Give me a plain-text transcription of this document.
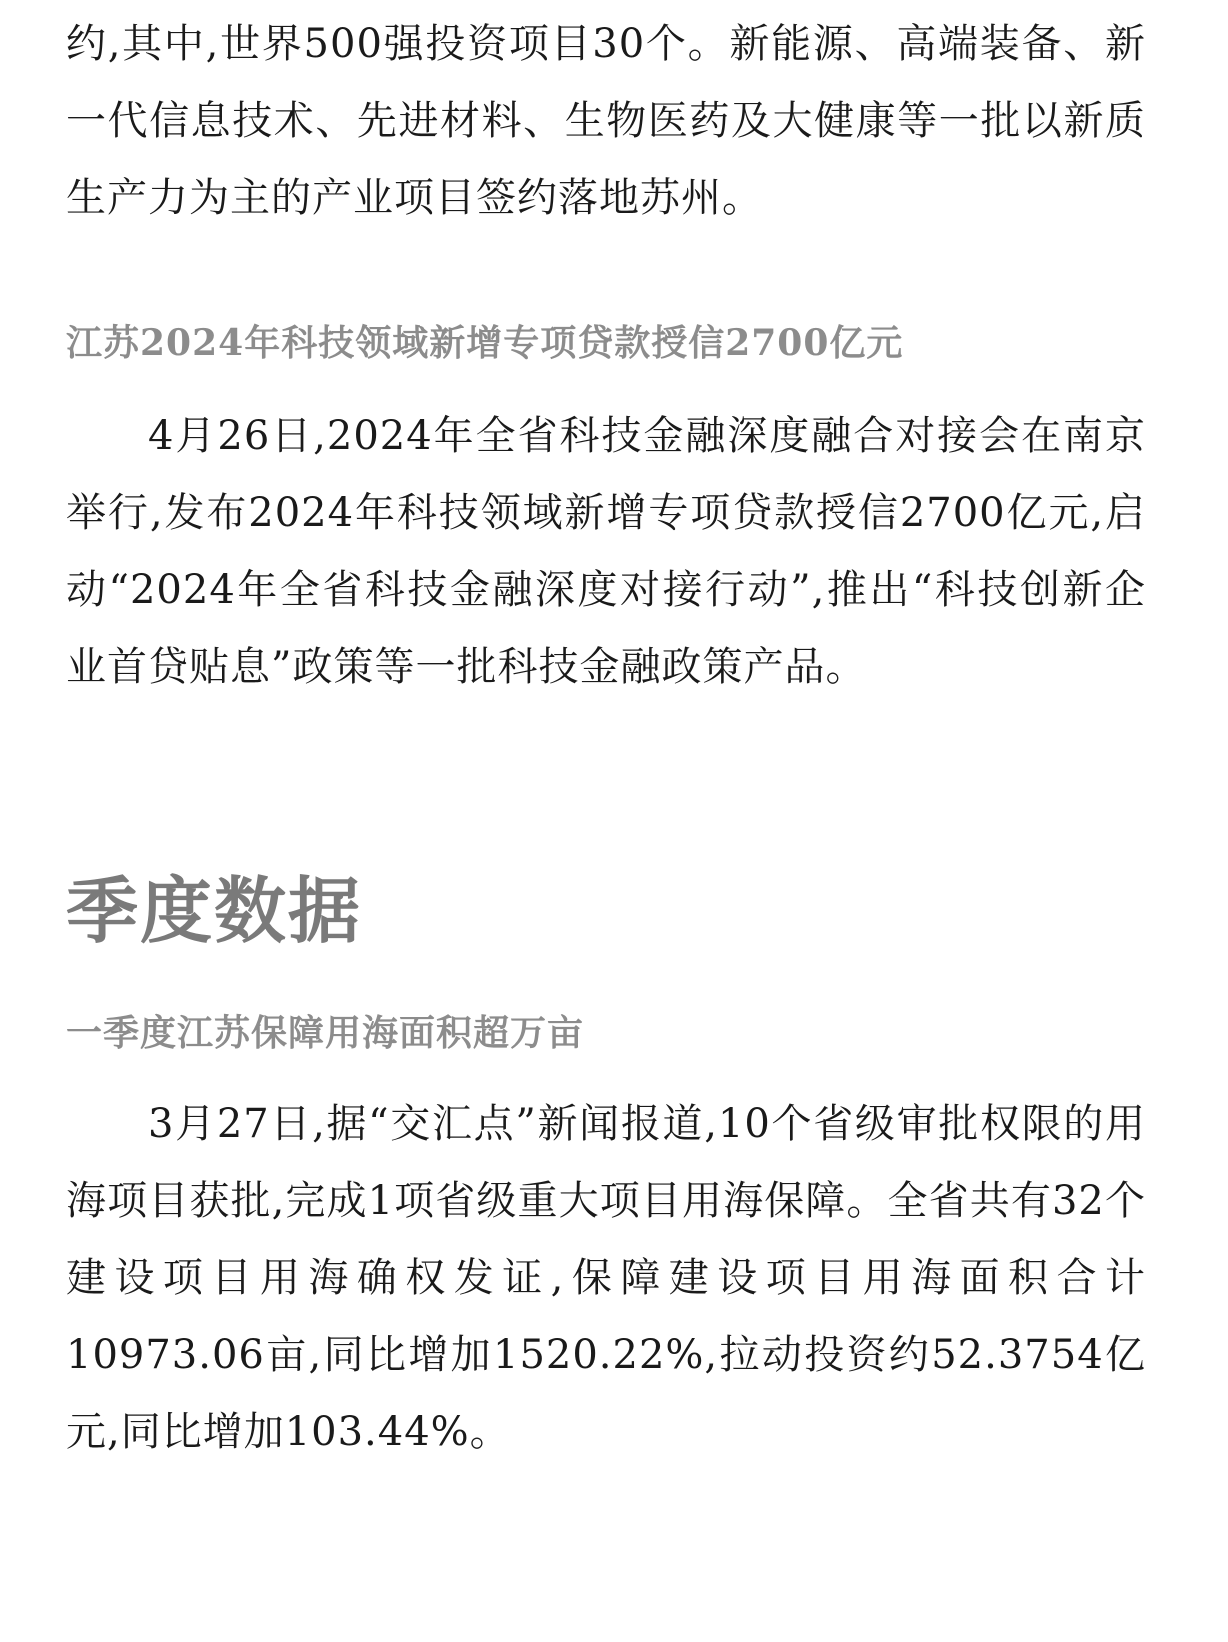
约,其中,世界500强投资项目30个。新能源、高端装备、新一代信息技术、先进材料、生物医药及大健康等一批以新质生产力为主的产业项目签约落地苏州。

江苏2024年科技领域新增专项贷款授信2700亿元

4月26日,2024年全省科技金融深度融合对接会在南京举行,发布2024年科技领域新增专项贷款授信2700亿元,启动“2024年全省科技金融深度对接行动”,推出“科技创新企业首贷贴息”政策等一批科技金融政策产品。

季度数据
一季度江苏保障用海面积超万亩

3月27日,据“交汇点”新闻报道,10个省级审批权限的用海项目获批,完成1项省级重大项目用海保障。全省共有32个建设项目用海确权发证,保障建设项目用海面积合计10973.06亩,同比增加1520.22%,拉动投资约52.3754亿元,同比增加103.44%。
